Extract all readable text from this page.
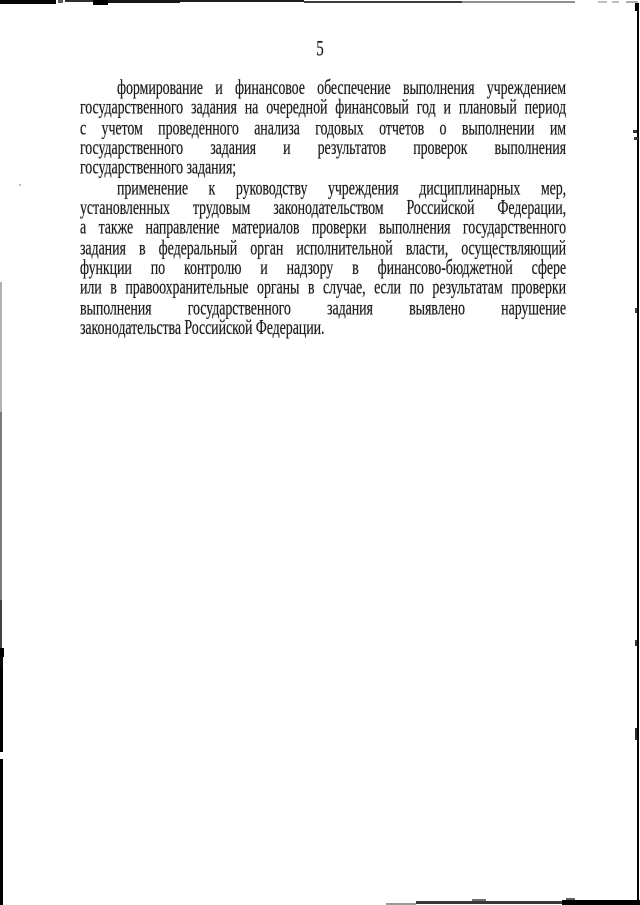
5
формирование и финансовое обеспечение выполнения учреждением
государственного задания на очередной финансовый год и плановый период
с учетом проведенного анализа годовых отчетов о выполнении им
государственного задания и результатов проверок выполнения
государственного задания;
применение к руководству учреждения дисциплинарных мер,
установленных трудовым законодательством Российской Федерации,
а также направление материалов проверки выполнения государственного
задания в федеральный орган исполнительной власти, осуществляющий
функции по контролю и надзору в финансово-бюджетной сфере
или в правоохранительные органы в случае, если по результатам проверки
выполнения государственного задания выявлено нарушение
законодательства Российской Федерации.
